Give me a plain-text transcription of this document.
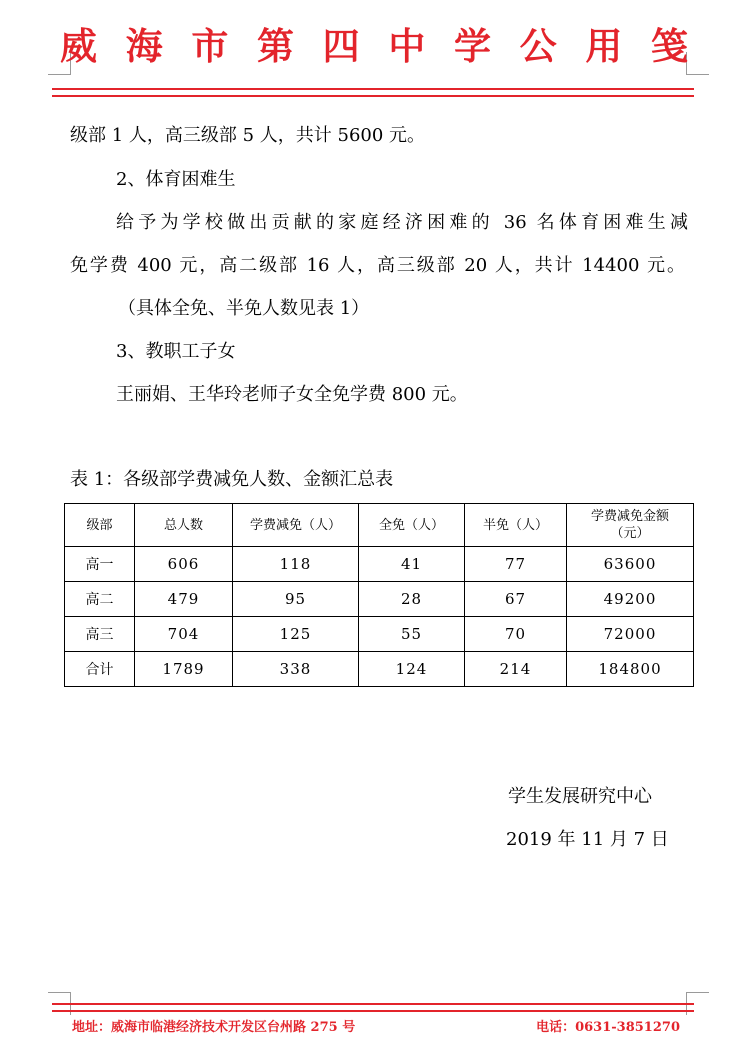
威海市第四中学公用笺
级部 1 人，高三级部 5 人，共计 5600 元。
2、体育困难生
给予为学校做出贡献的家庭经济困难的 36 名体育困难生减
免学费 400 元，高二级部 16 人，高三级部 20 人，共计 14400 元。
（具体全免、半免人数见表 1）
3、教职工子女
王丽娟、王华玲老师子女全免学费 800 元。
表 1：各级部学费减免人数、金额汇总表
级部	总人数	学费减免（人）	全免（人）	半免（人）	学费减免金额
（元）
高一	606	118	41	77	63600
高二	479	95	28	67	49200
高三	704	125	55	70	72000
合计	1789	338	124	214	184800
学生发展研究中心
2019 年 11 月 7 日
地址：威海市临港经济技术开发区台州路 275 号	电话：0631-3851270
